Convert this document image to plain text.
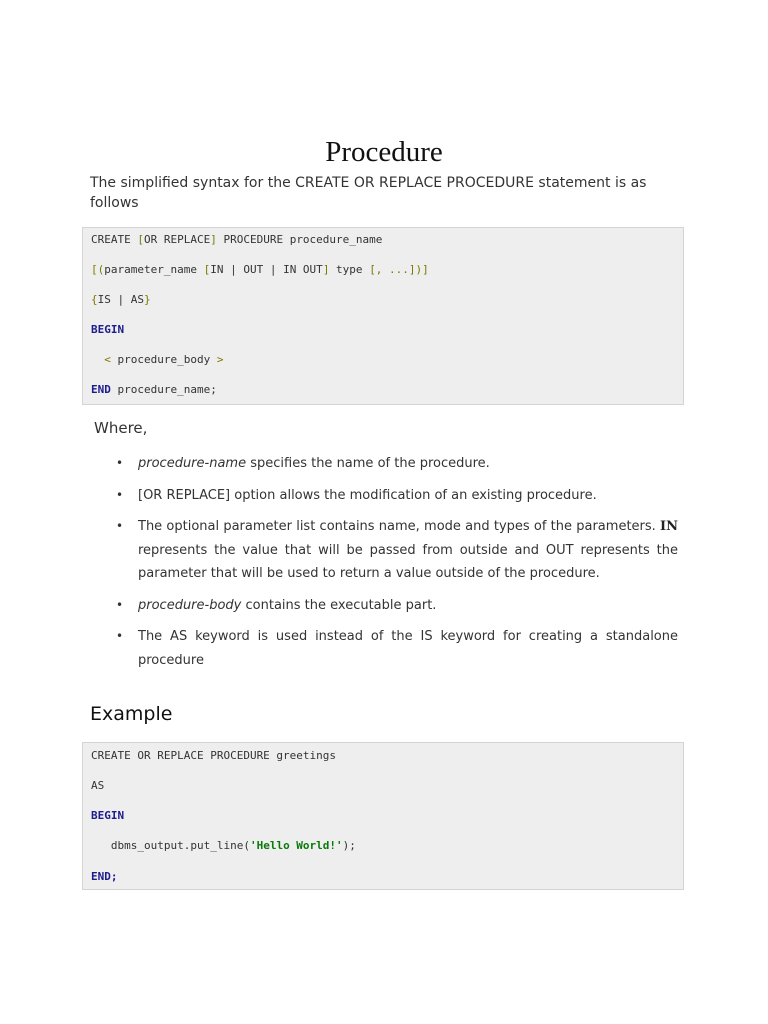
Procedure

The simplified syntax for the CREATE OR REPLACE PROCEDURE statement is as follows

CREATE [OR REPLACE] PROCEDURE procedure_name
[(parameter_name [IN | OUT | IN OUT] type [, ...])]
{IS | AS}
BEGIN
< procedure_body >
END procedure_name;

Where,

• procedure-name specifies the name of the procedure.
• [OR REPLACE] option allows the modification of an existing procedure.
• The optional parameter list contains name, mode and types of the parameters. IN represents the value that will be passed from outside and OUT represents the parameter that will be used to return a value outside of the procedure.
• procedure-body contains the executable part.
• The AS keyword is used instead of the IS keyword for creating a standalone procedure
Example
CREATE OR REPLACE PROCEDURE greetings
AS
BEGIN
dbms_output.put_line('Hello World!');
END;
